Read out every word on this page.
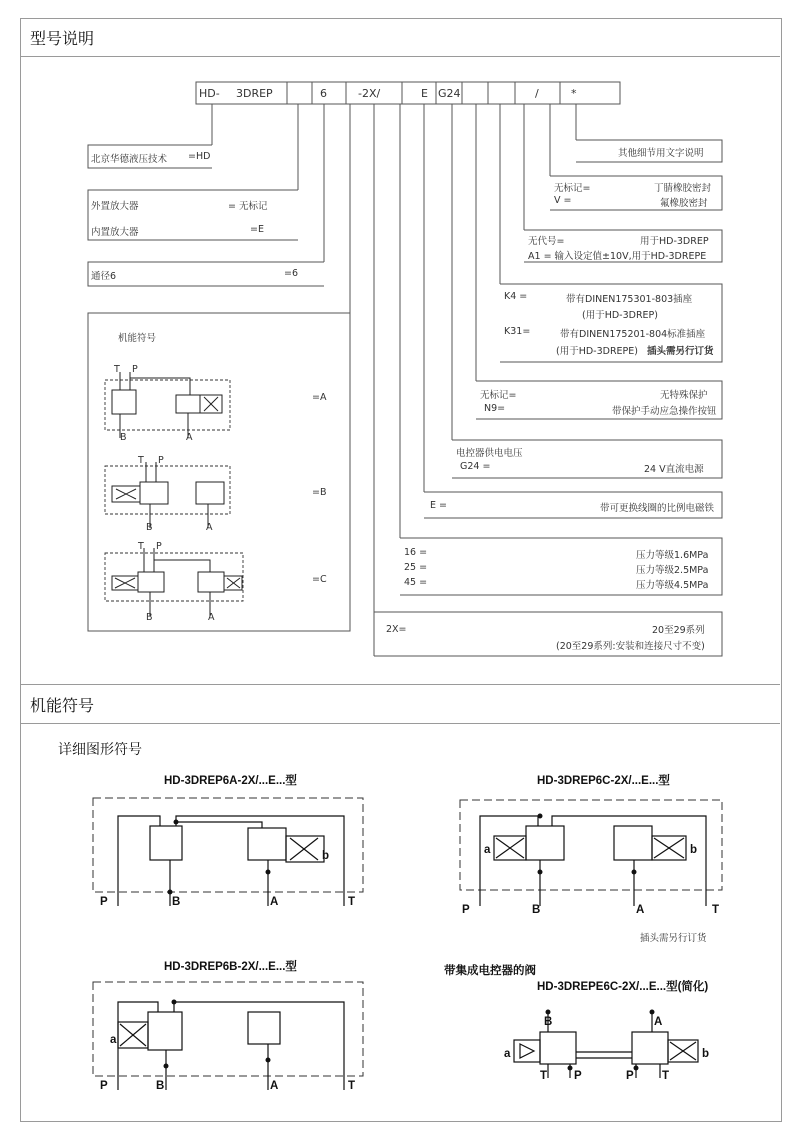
型号说明
机能符号
HD- 3DREP	6	-2X/	E G24	/	*
北京华德液压技术 =HD
外置放大器	= 无标记
内置放大器	=E
通径6	=6
机能符号
=A
=B
=C
T P
B	A
T P
B	A
T P
B	A
其他细节用文字说明
无标记=	丁腈橡胶密封
V =	氟橡胶密封
无代号=	用于HD-3DREP
A1 = 输入设定值±10V,用于HD-3DREPE
K4 =	带有DINEN175301-803插座
(用于HD-3DREP)
K31=	带有DINEN175201-804标准插座
(用于HD-3DREPE) 插头需另行订货
无标记=	无特殊保护
N9=	带保护手动应急操作按钮
电控器供电电压
G24 =	24 V直流电源
E =	带可更换线圈的比例电磁铁
16 =	压力等级1.6MPa
25 =	压力等级2.5MPa
45 =	压力等级4.5MPa
2X=	20至29系列
(20至29系列:安装和连接尺寸不变)
详细图形符号
HD-3DREP6A-2X/...E...型	HD-3DREP6C-2X/...E...型
HD-3DREP6B-2X/...E...型	带集成电控器的阀
HD-3DREPE6C-2X/...E...型(简化)
插头需另行订货
P	B	A	T
b
P	B	A	T
a	b
P	B	A	T
a
B	A
T P	P T
a	b
